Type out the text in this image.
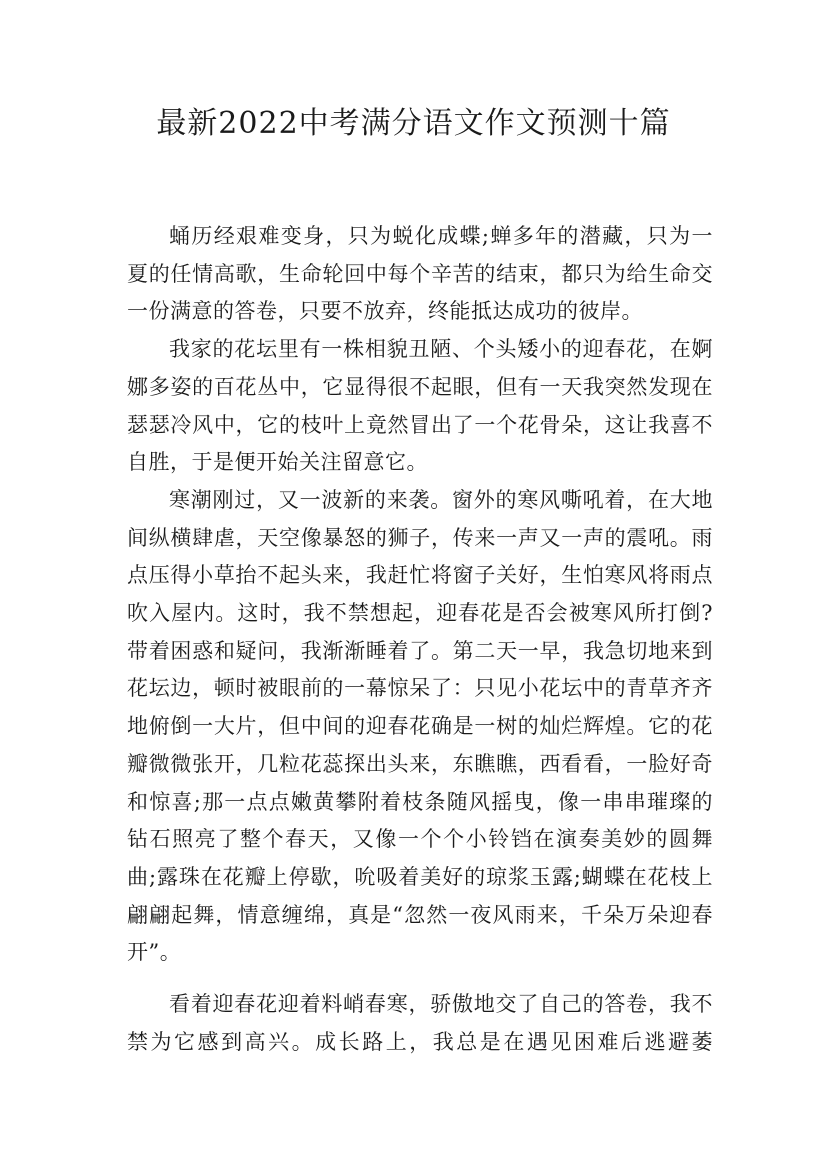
最新2022中考满分语文作文预测十篇

蛹历经艰难变身，只为蜕化成蝶;蝉多年的潜藏，只为一夏的任情高歌，生命轮回中每个辛苦的结束，都只为给生命交一份满意的答卷，只要不放弃，终能抵达成功的彼岸。

我家的花坛里有一株相貌丑陋、个头矮小的迎春花，在婀娜多姿的百花丛中，它显得很不起眼，但有一天我突然发现在瑟瑟冷风中，它的枝叶上竟然冒出了一个花骨朵，这让我喜不自胜，于是便开始关注留意它。

寒潮刚过，又一波新的来袭。窗外的寒风嘶吼着，在大地间纵横肆虐，天空像暴怒的狮子，传来一声又一声的震吼。雨点压得小草抬不起头来，我赶忙将窗子关好，生怕寒风将雨点吹入屋内。这时，我不禁想起，迎春花是否会被寒风所打倒?带着困惑和疑问，我渐渐睡着了。第二天一早，我急切地来到花坛边，顿时被眼前的一幕惊呆了：只见小花坛中的青草齐齐地俯倒一大片，但中间的迎春花确是一树的灿烂辉煌。它的花瓣微微张开，几粒花蕊探出头来，东瞧瞧，西看看，一脸好奇和惊喜;那一点点嫩黄攀附着枝条随风摇曳，像一串串璀璨的钻石照亮了整个春天，又像一个个小铃铛在演奏美妙的圆舞曲;露珠在花瓣上停歇，吮吸着美好的琼浆玉露;蝴蝶在花枝上翩翩起舞，情意缠绵，真是“忽然一夜风雨来，千朵万朵迎春开”。

看着迎春花迎着料峭春寒，骄傲地交了自己的答卷，我不禁为它感到高兴。成长路上，我总是在遇见困难后逃避萎
